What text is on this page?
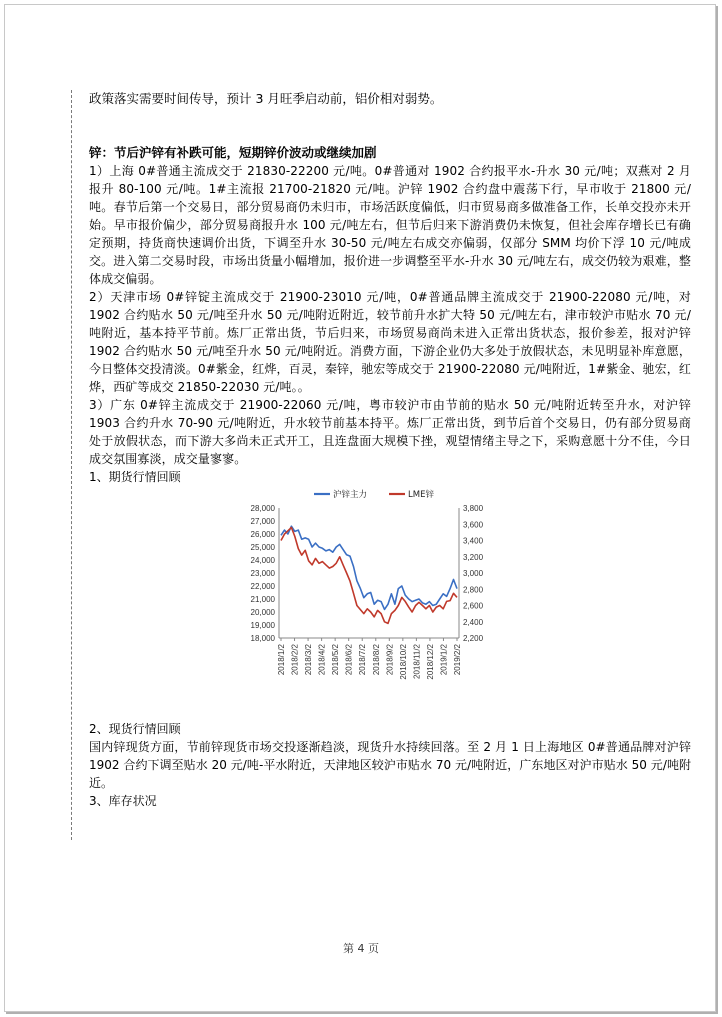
政策落实需要时间传导，预计 3 月旺季启动前，铝价相对弱势。

锌：节后沪锌有补跌可能，短期锌价波动或继续加剧

1）上海 0#普通主流成交于 21830-22200 元/吨。0#普通对 1902 合约报平水-升水 30 元/吨；双燕对 2 月报升 80-100 元/吨。1#主流报 21700-21820 元/吨。沪锌 1902 合约盘中震荡下行，早市收于 21800 元/吨。春节后第一个交易日，部分贸易商仍未归市，市场活跃度偏低，归市贸易商多做准备工作，长单交投亦未开始。早市报价偏少，部分贸易商报升水 100 元/吨左右，但节后归来下游消费仍未恢复，但社会库存增长已有确定预期，持货商快速调价出货，下调至升水 30-50 元/吨左右成交亦偏弱，仅部分 SMM 均价下浮 10 元/吨成交。进入第二交易时段，市场出货量小幅增加，报价进一步调整至平水-升水 30 元/吨左右，成交仍较为艰难，整体成交偏弱。

2）天津市场 0#锌锭主流成交于 21900-23010 元/吨，0#普通品牌主流成交于 21900-22080 元/吨，对 1902 合约贴水 50 元/吨至升水 50 元/吨附近附近，较节前升水扩大特 50 元/吨左右，津市较沪市贴水 70 元/吨附近，基本持平节前。炼厂正常出货，节后归来，市场贸易商尚未进入正常出货状态，报价参差，报对沪锌 1902 合约贴水 50 元/吨至升水 50 元/吨附近。消费方面，下游企业仍大多处于放假状态，未见明显补库意愿，今日整体交投清淡。0#紫金，红烨，百灵，秦锌，驰宏等成交于 21900-22080 元/吨附近，1#紫金、驰宏，红烨，西矿等成交 21850-22030 元/吨。。

3）广东 0#锌主流成交于 21900-22060 元/吨，粤市较沪市由节前的贴水 50 元/吨附近转至升水，对沪锌 1903 合约升水 70-90 元/吨附近，升水较节前基本持平。炼厂正常出货，到节后首个交易日，仍有部分贸易商处于放假状态，而下游大多尚未正式开工，且连盘面大规模下挫，观望情绪主导之下，采购意愿十分不佳，今日成交氛围寡淡，成交量寥寥。

1、期货行情回顾

28,000
27,000
26,000
25,000
24,000
23,000
22,000
21,000
20,000
19,000
18,000
3,800
3,600
3,400
3,200
3,000
2,800
2,600
2,400
2,200
2018/1/2 2018/2/2 2018/3/2 2018/4/2 2018/5/2 2018/6/2 2018/7/2 2018/8/2 2018/9/2 2018/10/2 2018/11/2 2018/12/2 2019/1/2 2019/2/2
沪锌主力	LME锌

2、现货行情回顾

国内锌现货方面，节前锌现货市场交投逐渐趋淡，现货升水持续回落。至 2 月 1 日上海地区 0#普通品牌对沪锌 1902 合约下调至贴水 20 元/吨-平水附近，天津地区较沪市贴水 70 元/吨附近，广东地区对沪市贴水 50 元/吨附近。

3、库存状况

第 4 页
